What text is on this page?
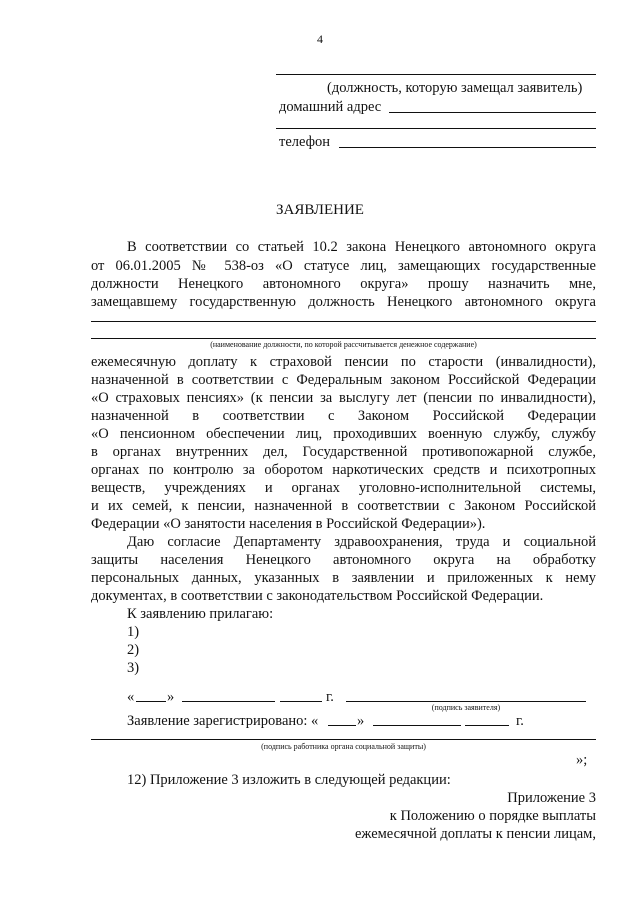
4
(должность, которую замещал заявитель)
домашний адрес
телефон
ЗАЯВЛЕНИЕ
В соответствии со статьей 10.2 закона Ненецкого автономного округа
от 06.01.2005 № 538-оз «О статусе лиц, замещающих государственные
должности Ненецкого автономного округа» прошу назначить мне,
замещавшему государственную должность Ненецкого автономного округа
(наименование должности, по которой рассчитывается денежное содержание)
ежемесячную доплату к страховой пенсии по старости (инвалидности),
назначенной в соответствии с Федеральным законом Российской Федерации
«О страховых пенсиях» (к пенсии за выслугу лет (пенсии по инвалидности),
назначенной в соответствии с Законом Российской Федерации
«О пенсионном обеспечении лиц, проходивших военную службу, службу
в органах внутренних дел, Государственной противопожарной службе,
органах по контролю за оборотом наркотических средств и психотропных
веществ, учреждениях и органах уголовно-исполнительной системы,
и их семей, к пенсии, назначенной в соответствии с Законом Российской
Федерации «О занятости населения в Российской Федерации»).
Даю согласие Департаменту здравоохранения, труда и социальной
защиты населения Ненецкого автономного округа на обработку
персональных данных, указанных в заявлении и приложенных к нему
документах, в соответствии с законодательством Российской Федерации.
К заявлению прилагаю:
1)
2)
3)
« »	г.
(подпись заявителя)
Заявление зарегистрировано: «	»	г.
(подпись работника органа социальной защиты)
»;
12) Приложение 3 изложить в следующей редакции:
Приложение 3
к Положению о порядке выплаты
ежемесячной доплаты к пенсии лицам,
